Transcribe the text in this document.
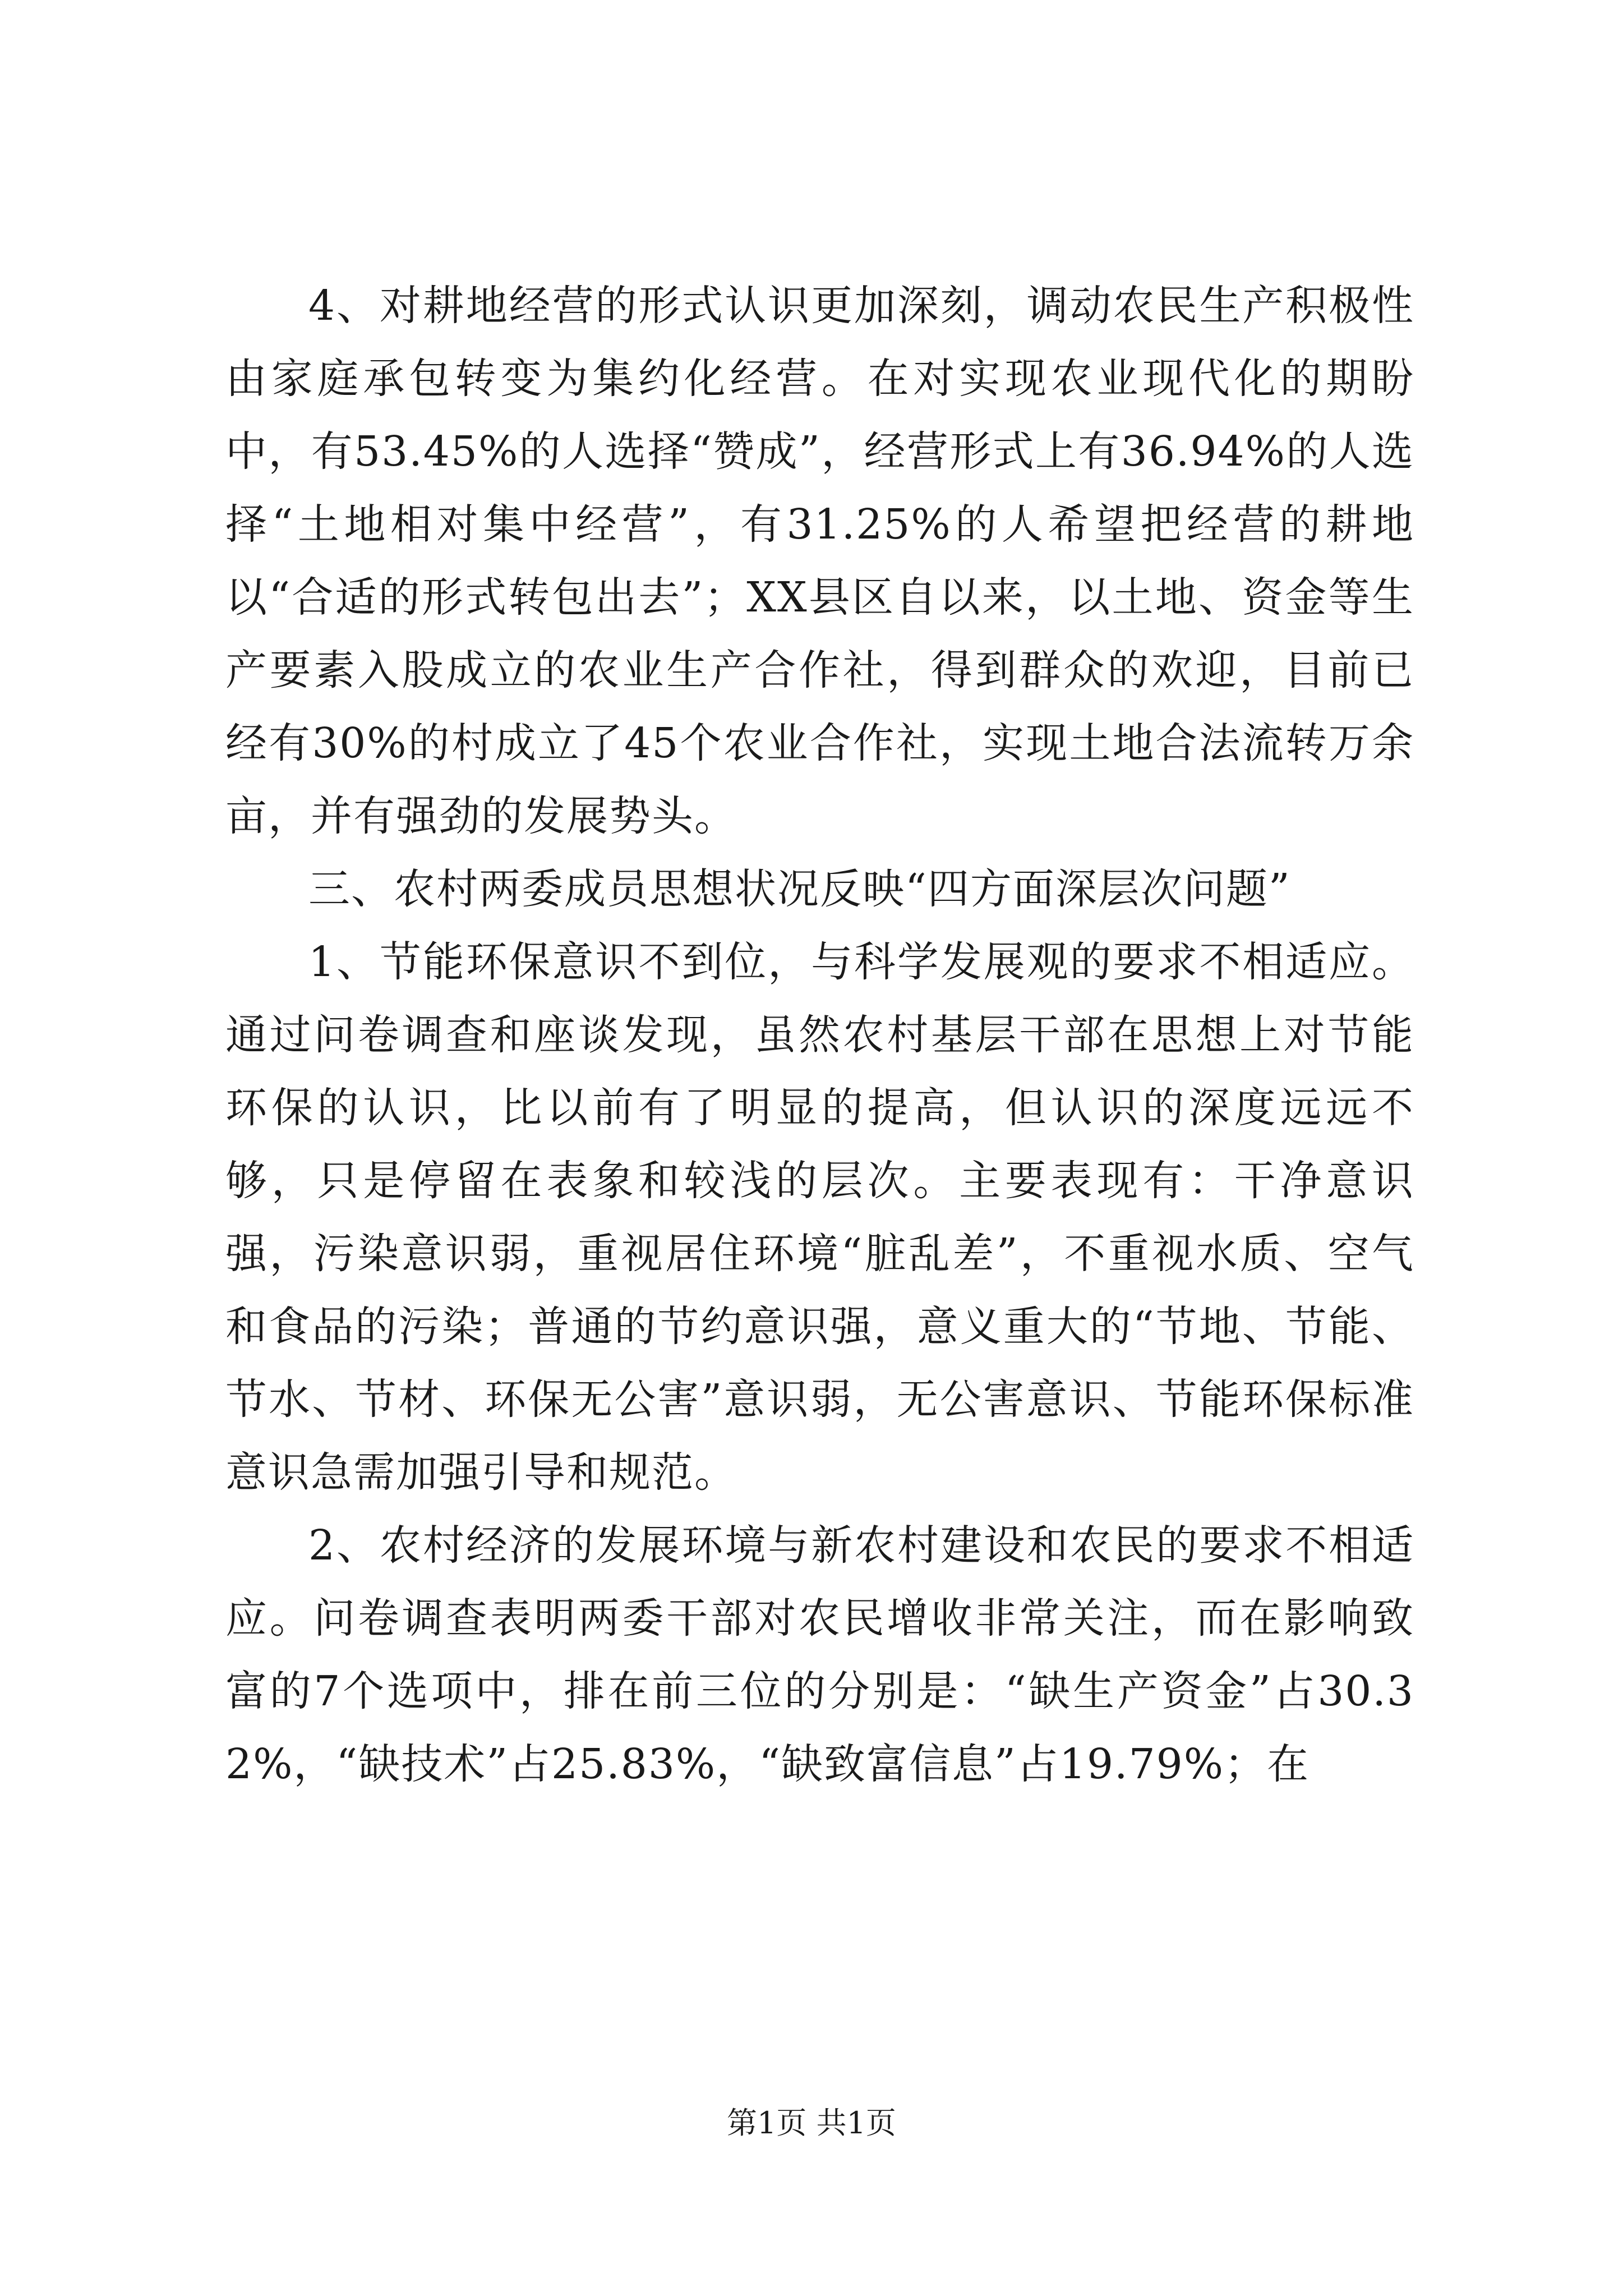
4、对耕地经营的形式认识更加深刻，调动农民生产积极性由家庭承包转变为集约化经营。在对实现农业现代化的期盼中，有53.45%的人选择“赞成”，经营形式上有36.94%的人选择“土地相对集中经营”，有31.25%的人希望把经营的耕地以“合适的形式转包出去”；XX县区自以来，以土地、资金等生产要素入股成立的农业生产合作社，得到群众的欢迎，目前已经有30%的村成立了45个农业合作社，实现土地合法流转万余亩，并有强劲的发展势头。

三、农村两委成员思想状况反映“四方面深层次问题”

1、节能环保意识不到位，与科学发展观的要求不相适应。通过问卷调查和座谈发现，虽然农村基层干部在思想上对节能环保的认识，比以前有了明显的提高，但认识的深度远远不够，只是停留在表象和较浅的层次。主要表现有：干净意识强，污染意识弱，重视居住环境“脏乱差”，不重视水质、空气和食品的污染；普通的节约意识强，意义重大的“节地、节能、节水、节材、环保无公害”意识弱，无公害意识、节能环保标准意识急需加强引导和规范。

2、农村经济的发展环境与新农村建设和农民的要求不相适应。问卷调查表明两委干部对农民增收非常关注，而在影响致富的7个选项中，排在前三位的分别是：“缺生产资金”占30.32%，“缺技术”占25.83%，“缺致富信息”占19.79%；在

第1页 共1页
